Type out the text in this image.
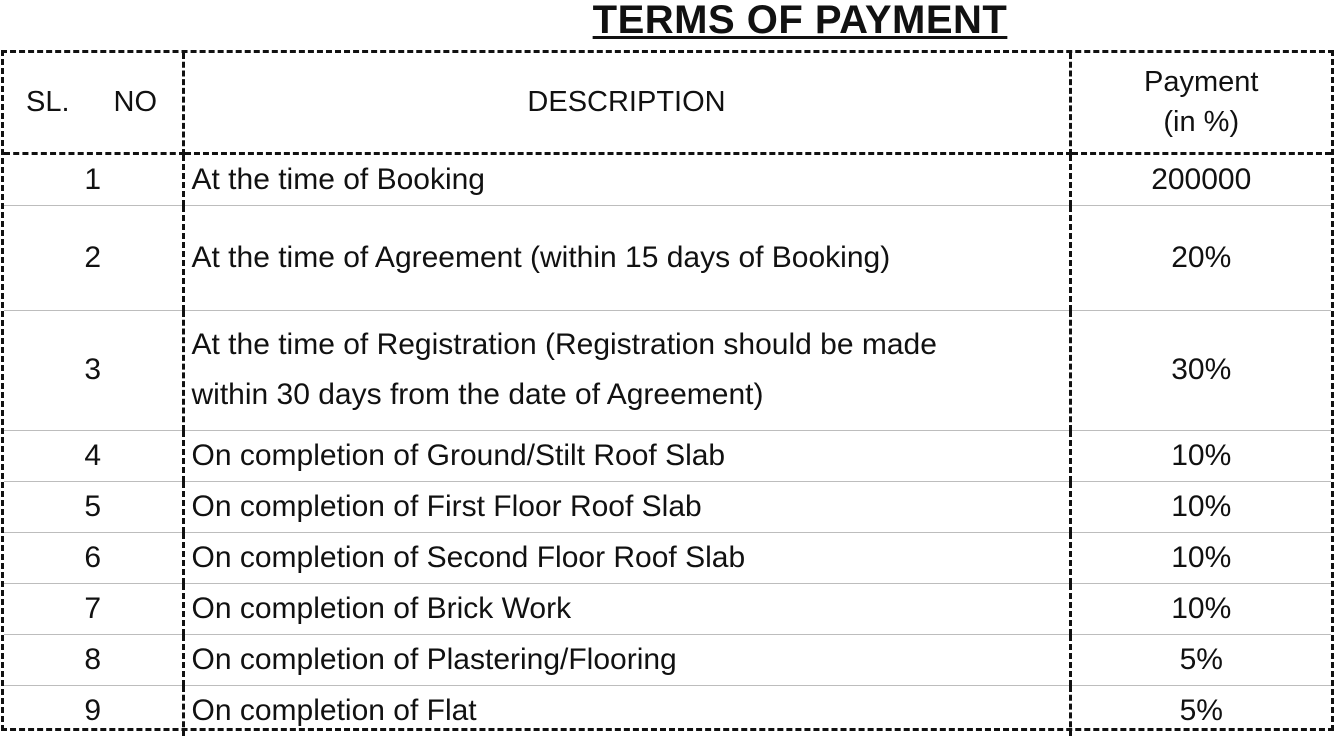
TERMS OF PAYMENT
SL. NO	DESCRIPTION	Payment
(in %)

1	At the time of Booking	200000
2	At the time of Agreement (within 15 days of Booking)	20%
3	At the time of Registration (Registration should be made
within 30 days from the date of Agreement)	30%
4	On completion of Ground/Stilt Roof Slab	10%
5	On completion of First Floor Roof Slab	10%
6	On completion of Second Floor Roof Slab	10%
7	On completion of Brick Work	10%
8	On completion of Plastering/Flooring	5%
9	On completion of Flat	5%
